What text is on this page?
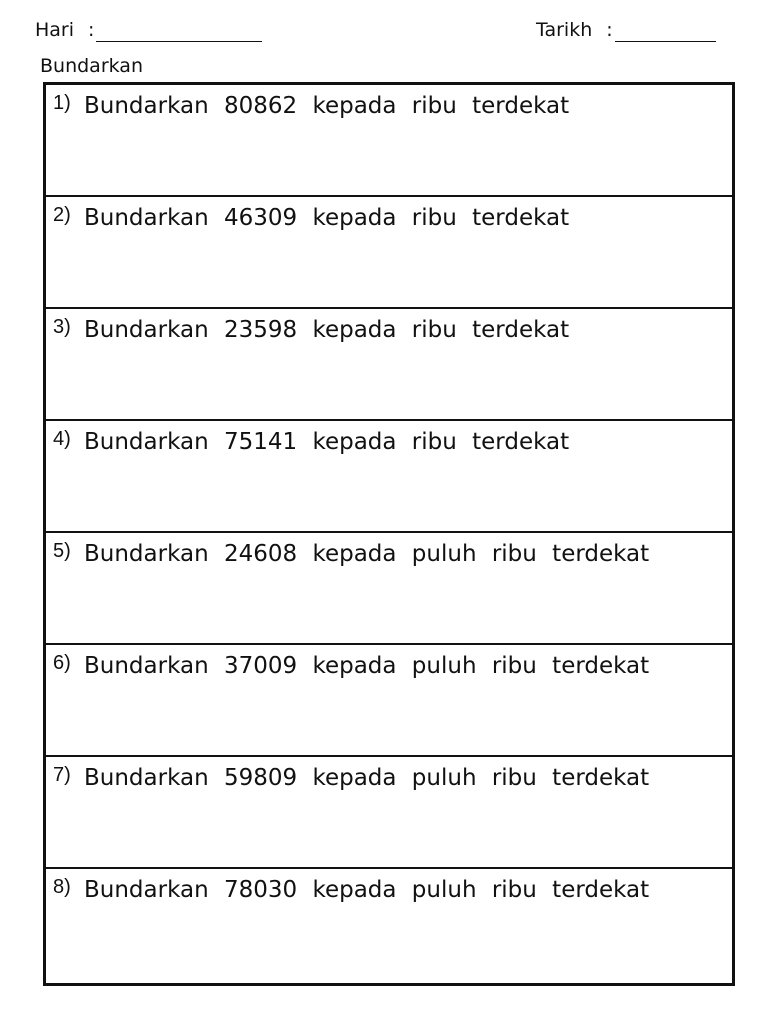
Hari :	Tarikh :
Bundarkan
1) Bundarkan 80862 kepada ribu terdekat
2) Bundarkan 46309 kepada ribu terdekat
3) Bundarkan 23598 kepada ribu terdekat
4) Bundarkan 75141 kepada ribu terdekat
5) Bundarkan 24608 kepada puluh ribu terdekat
6) Bundarkan 37009 kepada puluh ribu terdekat
7) Bundarkan 59809 kepada puluh ribu terdekat
8) Bundarkan 78030 kepada puluh ribu terdekat
